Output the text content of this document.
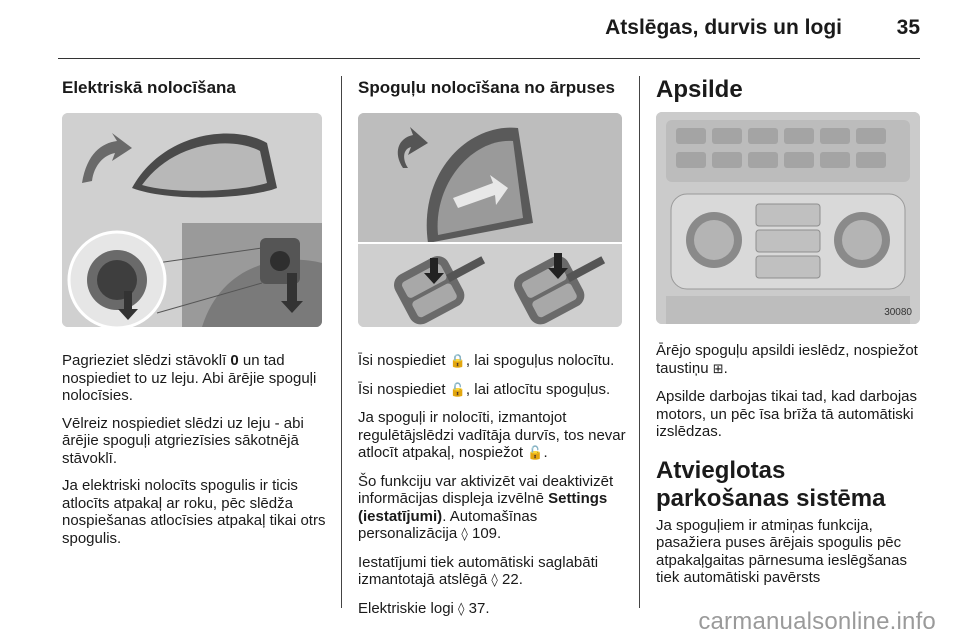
Atslēgas, durvis un logi	35
Elektriskā nolocīšana

Pagrieziet slēdzi stāvoklī 0 un tad nospiediet to uz leju. Abi ārējie spoguļi nolocīsies.

Vēlreiz nospiediet slēdzi uz leju - abi ārējie spoguļi atgriezīsies sākotnējā stāvoklī.

Ja elektriski nolocīts spogulis ir ticis atlocīts atpakaļ ar roku, pēc slēdža nospiešanas atlocīsies atpakaļ tikai otrs spogulis.

Spoguļu nolocīšana no ārpuses

Īsi nospiediet 🔒, lai spoguļus nolocītu.

Īsi nospiediet 🔓, lai atlocītu spoguļus.

Ja spoguļi ir nolocīti, izmantojot regulētājslēdzi vadītāja durvīs, tos nevar atlocīt atpakaļ, nospiežot 🔓.

Šo funkciju var aktivizēt vai deaktivizēt informācijas displeja izvēlnē Settings (iestatījumi). Automašīnas personalizācija ◊ 109.

Iestatījumi tiek automātiski saglabāti izmantotajā atslēgā ◊ 22.

Elektriskie logi ◊ 37.

Apsilde
30080

Ārējo spoguļu apsildi ieslēdz, nospiežot taustiņu ⊞.

Apsilde darbojas tikai tad, kad darbojas motors, un pēc īsa brīža tā automātiski izslēdzas.

Atvieglotas parkošanas sistēma

Ja spoguļiem ir atmiņas funkcija, pasažiera puses ārējais spogulis pēc atpakaļgaitas pārnesuma ieslēgšanas tiek automātiski pavērsts

carmanualsonline.info
